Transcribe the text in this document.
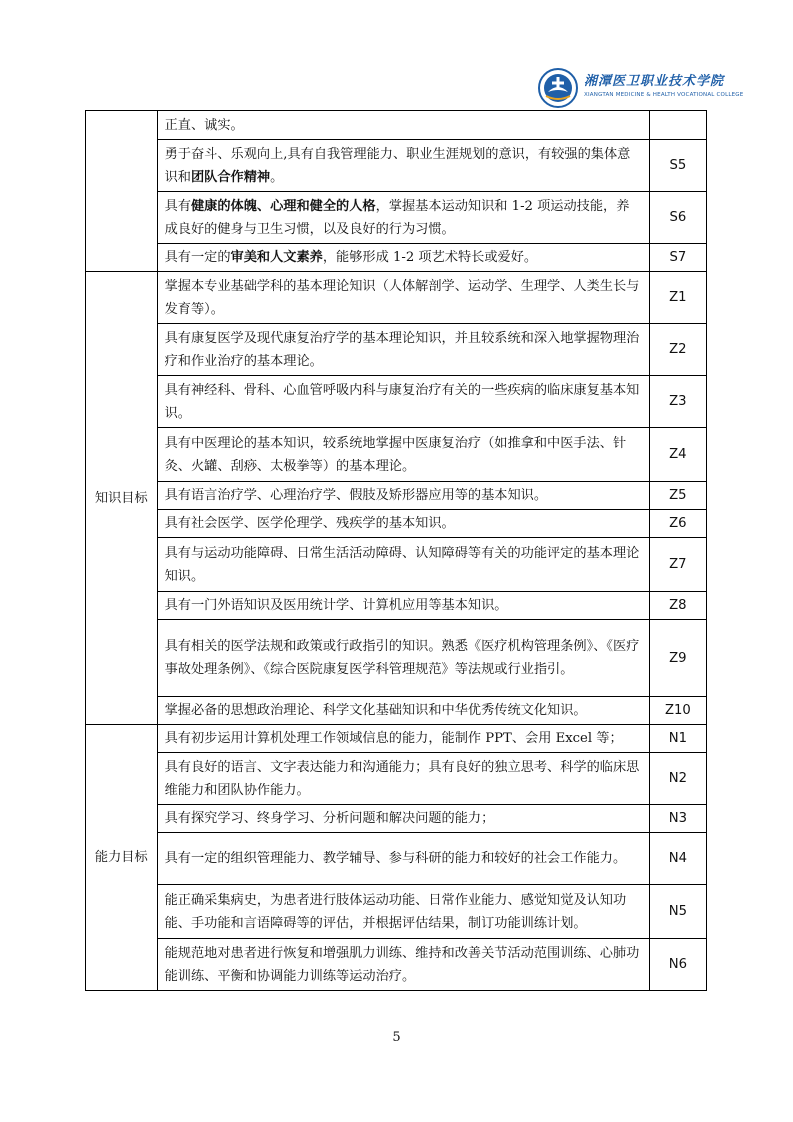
湘潭医卫职业技术学院
XIANGTAN MEDICINE & HEALTH VOCATIONAL COLLEGE
	正直、诚实。	
	勇于奋斗、乐观向上,具有自我管理能力、职业生涯规划的意识，有较强的集体意识和团队合作精神。	S5
	具有健康的体魄、心理和健全的人格，掌握基本运动知识和 1-2 项运动技能，养成良好的健身与卫生习惯，以及良好的行为习惯。	S6
	具有一定的审美和人文素养，能够形成 1-2 项艺术特长或爱好。	S7
知识目标	掌握本专业基础学科的基本理论知识（人体解剖学、运动学、生理学、人类生长与发育等）。	Z1
	具有康复医学及现代康复治疗学的基本理论知识，并且较系统和深入地掌握物理治疗和作业治疗的基本理论。	Z2
	具有神经科、骨科、心血管呼吸内科与康复治疗有关的一些疾病的临床康复基本知识。	Z3
	具有中医理论的基本知识，较系统地掌握中医康复治疗（如推拿和中医手法、针灸、火罐、刮痧、太极拳等）的基本理论。	Z4
	具有语言治疗学、心理治疗学、假肢及矫形器应用等的基本知识。	Z5
	具有社会医学、医学伦理学、残疾学的基本知识。	Z6
	具有与运动功能障碍、日常生活活动障碍、认知障碍等有关的功能评定的基本理论知识。	Z7
	具有一门外语知识及医用统计学、计算机应用等基本知识。	Z8
	具有相关的医学法规和政策或行政指引的知识。熟悉《医疗机构管理条例》、《医疗事故处理条例》、《综合医院康复医学科管理规范》等法规或行业指引。	Z9
	掌握必备的思想政治理论、科学文化基础知识和中华优秀传统文化知识。	Z10
能力目标	具有初步运用计算机处理工作领域信息的能力，能制作 PPT、会用 Excel 等；	N1
	具有良好的语言、文字表达能力和沟通能力；具有良好的独立思考、科学的临床思维能力和团队协作能力。	N2
	具有探究学习、终身学习、分析问题和解决问题的能力；	N3
	具有一定的组织管理能力、教学辅导、参与科研的能力和较好的社会工作能力。	N4
	能正确采集病史，为患者进行肢体运动功能、日常作业能力、感觉知觉及认知功能、手功能和言语障碍等的评估，并根据评估结果，制订功能训练计划。	N5
	能规范地对患者进行恢复和增强肌力训练、维持和改善关节活动范围训练、心肺功能训练、平衡和协调能力训练等运动治疗。	N6
5
